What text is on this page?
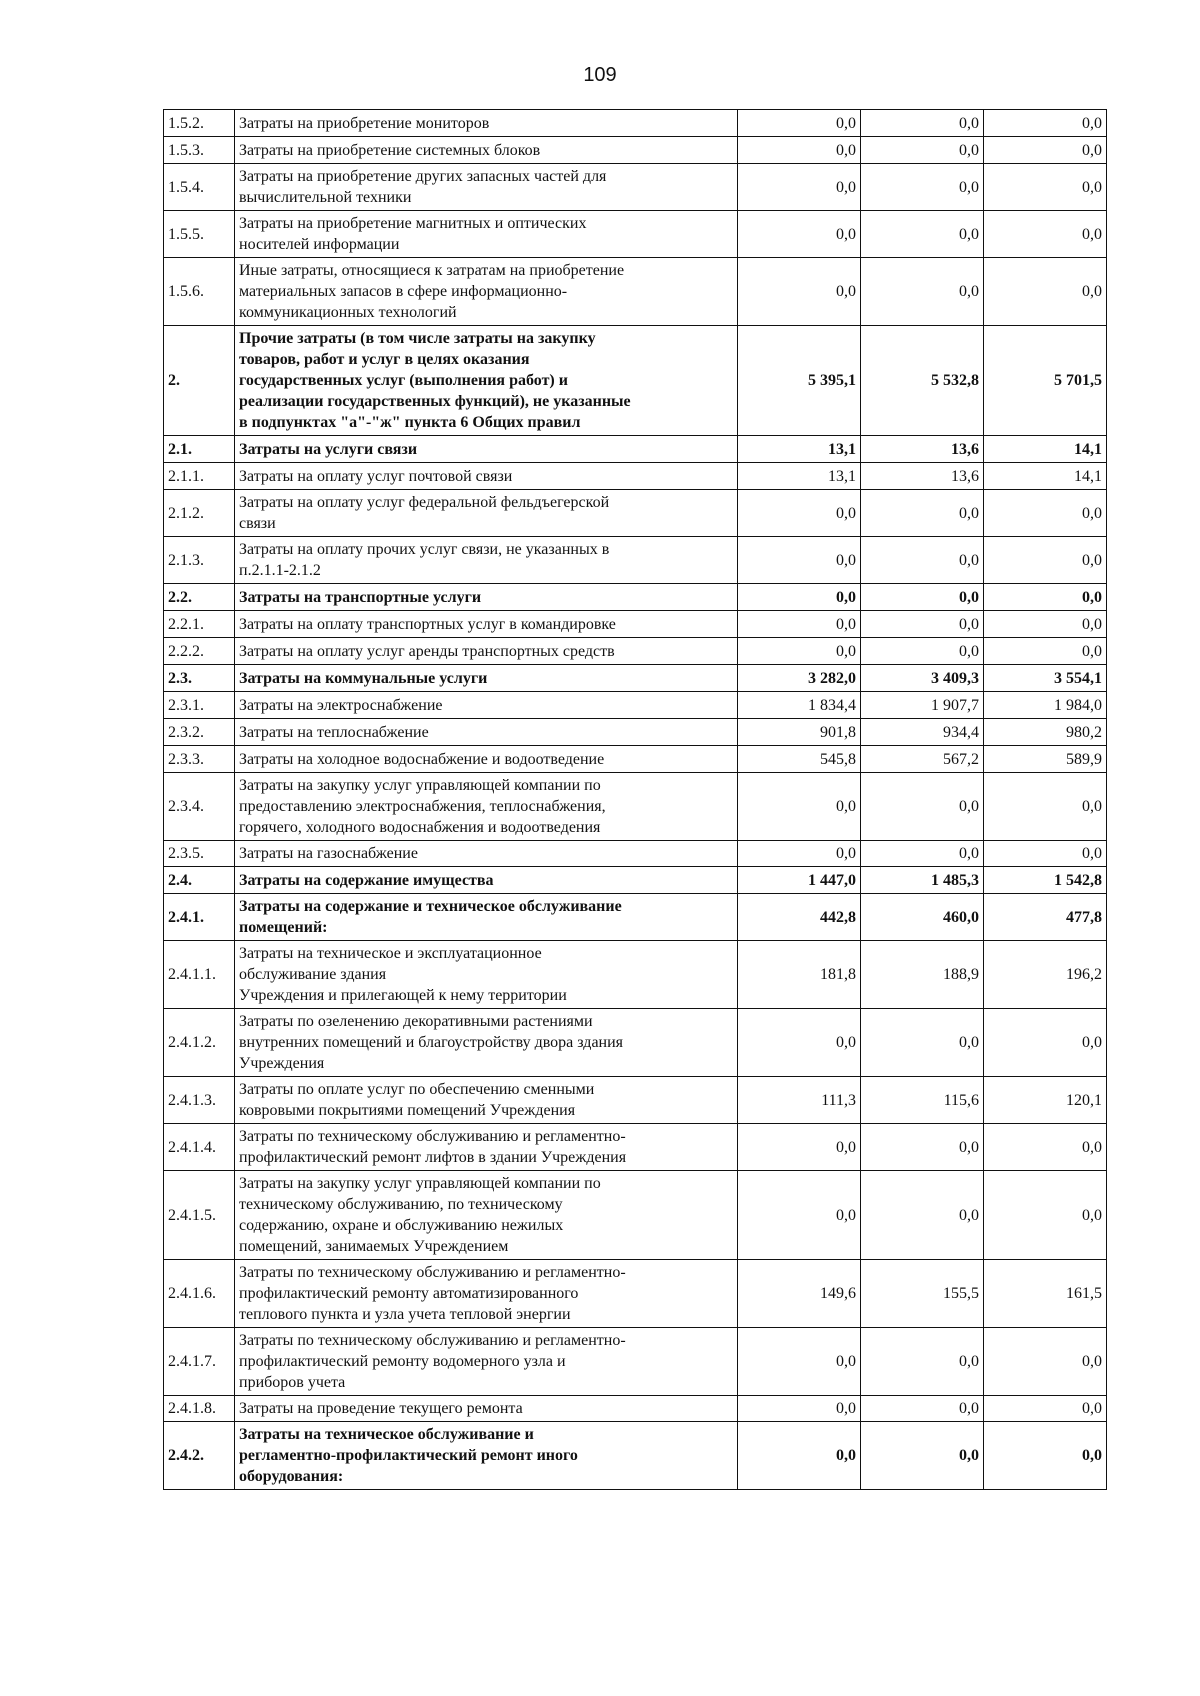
109
1.5.2.	Затраты на приобретение мониторов	0,0	0,0	0,0
1.5.3.	Затраты на приобретение системных блоков	0,0	0,0	0,0
1.5.4.	Затраты на приобретение других запасных частей для
вычислительной техники	0,0	0,0	0,0
1.5.5.	Затраты на приобретение магнитных и оптических
носителей информации	0,0	0,0	0,0
1.5.6.	Иные затраты, относящиеся к затратам на приобретение
материальных запасов в сфере информационно-
коммуникационных технологий	0,0	0,0	0,0
2.	Прочие затраты (в том числе затраты на закупку
товаров, работ и услуг в целях оказания
государственных услуг (выполнения работ) и
реализации государственных функций), не указанные
в подпунктах "а"-"ж" пункта 6 Общих правил	5 395,1	5 532,8	5 701,5
2.1.	Затраты на услуги связи	13,1	13,6	14,1
2.1.1.	Затраты на оплату услуг почтовой связи	13,1	13,6	14,1
2.1.2.	Затраты на оплату услуг федеральной фельдъегерской
связи	0,0	0,0	0,0
2.1.3.	Затраты на оплату прочих услуг связи, не указанных в
п.2.1.1-2.1.2	0,0	0,0	0,0
2.2.	Затраты на транспортные услуги	0,0	0,0	0,0
2.2.1.	Затраты на оплату транспортных услуг в командировке	0,0	0,0	0,0
2.2.2.	Затраты на оплату услуг аренды транспортных средств	0,0	0,0	0,0
2.3.	Затраты на коммунальные услуги	3 282,0	3 409,3	3 554,1
2.3.1.	Затраты на электроснабжение	1 834,4	1 907,7	1 984,0
2.3.2.	Затраты на теплоснабжение	901,8	934,4	980,2
2.3.3.	Затраты на холодное водоснабжение и водоотведение	545,8	567,2	589,9
2.3.4.	Затраты на закупку услуг управляющей компании по
предоставлению электроснабжения, теплоснабжения,
горячего, холодного водоснабжения и водоотведения	0,0	0,0	0,0
2.3.5.	Затраты на газоснабжение	0,0	0,0	0,0
2.4.	Затраты на содержание имущества	1 447,0	1 485,3	1 542,8
2.4.1.	Затраты на содержание и техническое обслуживание
помещений:	442,8	460,0	477,8
2.4.1.1.	Затраты на техническое и эксплуатационное
обслуживание здания
Учреждения и прилегающей к нему территории	181,8	188,9	196,2
2.4.1.2.	Затраты по озеленению декоративными растениями
внутренних помещений и благоустройству двора здания
Учреждения	0,0	0,0	0,0
2.4.1.3.	Затраты по оплате услуг по обеспечению сменными
ковровыми покрытиями помещений Учреждения	111,3	115,6	120,1
2.4.1.4.	Затраты по техническому обслуживанию и регламентно-
профилактический ремонт лифтов в здании Учреждения	0,0	0,0	0,0
2.4.1.5.	Затраты на закупку услуг управляющей компании по
техническому обслуживанию, по техническому
содержанию, охране и обслуживанию нежилых
помещений, занимаемых Учреждением	0,0	0,0	0,0
2.4.1.6.	Затраты по техническому обслуживанию и регламентно-
профилактический ремонту автоматизированного
теплового пункта и узла учета тепловой энергии	149,6	155,5	161,5
2.4.1.7.	Затраты по техническому обслуживанию и регламентно-
профилактический ремонту водомерного узла и
приборов учета	0,0	0,0	0,0
2.4.1.8.	Затраты на проведение текущего ремонта	0,0	0,0	0,0
2.4.2.	Затраты на техническое обслуживание и
регламентно-профилактический ремонт иного
оборудования:	0,0	0,0	0,0
